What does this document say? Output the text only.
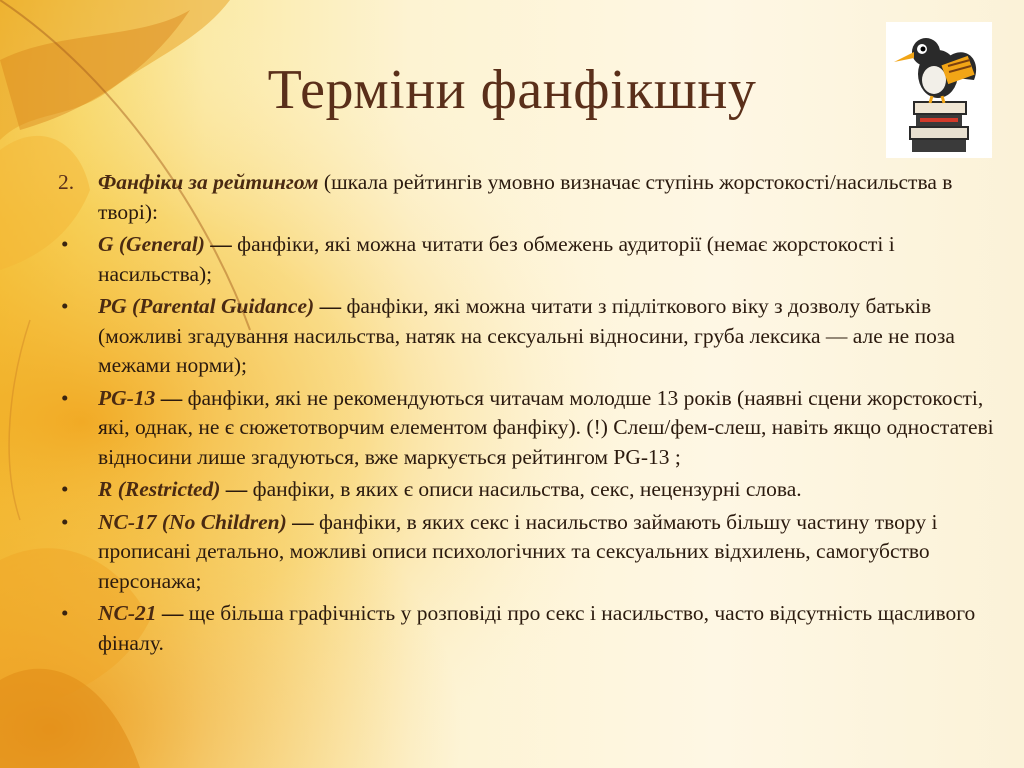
Терміни фанфікшну
2.	Фанфіки за рейтингом (шкала рейтингів умовно визначає ступінь жорстокості/насильства в творі):
•	G (General) — фанфіки, які можна читати без обмежень аудиторії (немає жорстокості і насильства);
•	PG (Parental Guidance) — фанфіки, які можна читати з підліткового віку з дозволу батьків (можливі згадування насильства, натяк на сексуальні відносини, груба лексика — але не поза межами норми);
•	PG-13 — фанфіки, які не рекомендуються читачам молодше 13 років (наявні сцени жорстокості, які, однак, не є сюжетотворчим елементом фанфіку). (!) Слеш/фем-слеш, навіть якщо одностатеві відносини лише згадуються, вже маркується рейтингом PG-13 ;
•	R (Restricted) — фанфіки, в яких є описи насильства, секс, нецензурні слова.
•	NC-17 (No Children) — фанфіки, в яких секс і насильство займають більшу частину твору і прописані детально, можливі описи психологічних та сексуальних відхилень, самогубство персонажа;
•	NC-21 — ще більша графічність у розповіді про секс і насильство, часто відсутність щасливого фіналу.
